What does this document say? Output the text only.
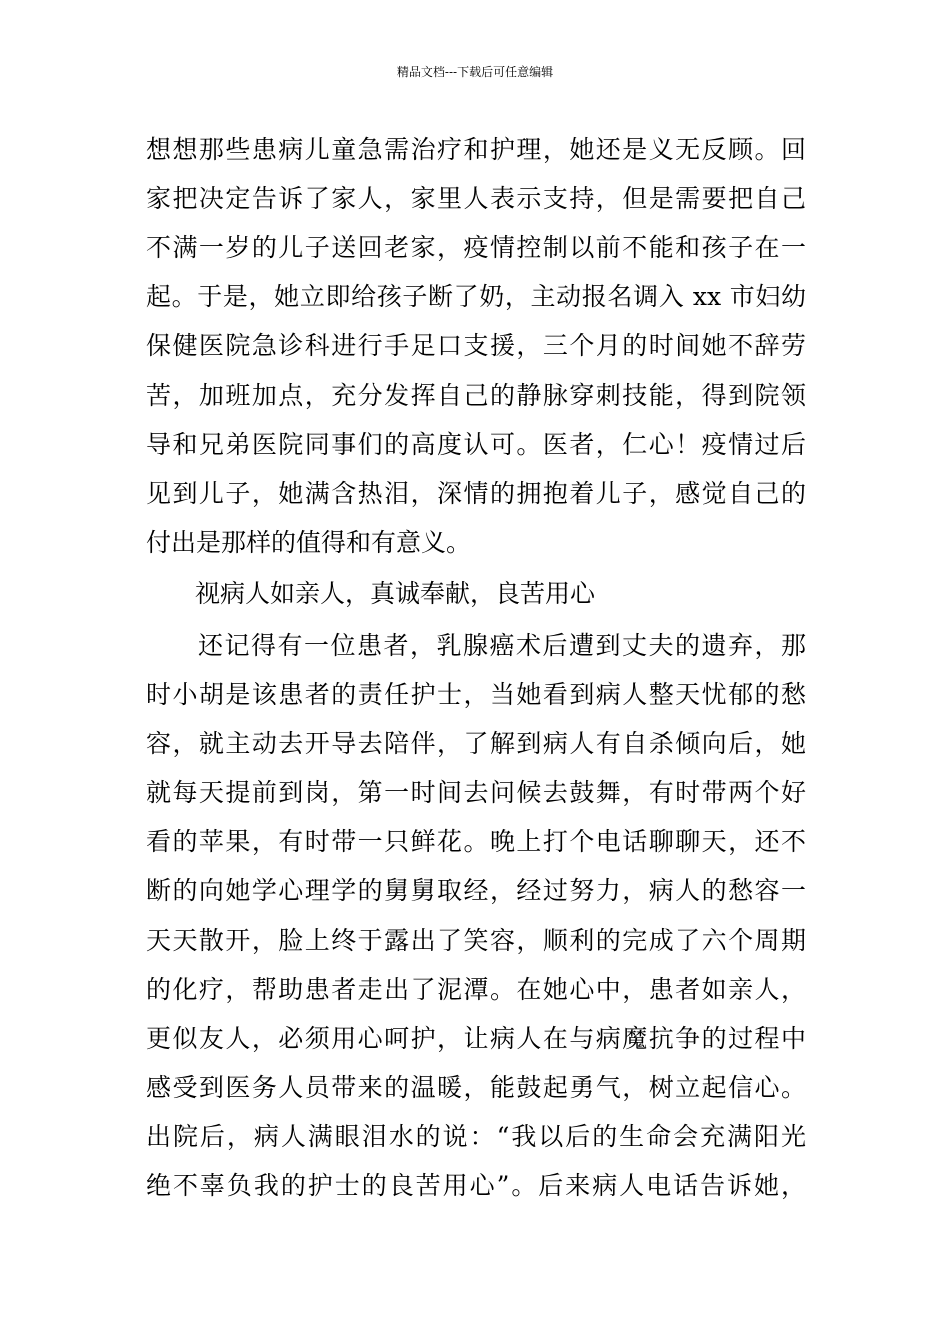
精品文档---下载后可任意编辑
想想那些患病儿童急需治疗和护理，她还是义无反顾。回
家把决定告诉了家人，家里人表示支持，但是需要把自己
不满一岁的儿子送回老家，疫情控制以前不能和孩子在一
起。于是，她立即给孩子断了奶，主动报名调入 xx 市妇幼
保健医院急诊科进行手足口支援，三个月的时间她不辞劳
苦，加班加点，充分发挥自己的静脉穿刺技能，得到院领
导和兄弟医院同事们的高度认可。医者，仁心！疫情过后
见到儿子，她满含热泪，深情的拥抱着儿子，感觉自己的
付出是那样的值得和有意义。
视病人如亲人，真诚奉献，良苦用心
还记得有一位患者，乳腺癌术后遭到丈夫的遗弃，那
时小胡是该患者的责任护士，当她看到病人整天忧郁的愁
容，就主动去开导去陪伴，了解到病人有自杀倾向后，她
就每天提前到岗，第一时间去问候去鼓舞，有时带两个好
看的苹果，有时带一只鲜花。晚上打个电话聊聊天，还不
断的向她学心理学的舅舅取经，经过努力，病人的愁容一
天天散开，脸上终于露出了笑容，顺利的完成了六个周期
的化疗，帮助患者走出了泥潭。在她心中，患者如亲人，
更似友人，必须用心呵护，让病人在与病魔抗争的过程中
感受到医务人员带来的温暖，能鼓起勇气，树立起信心。
出院后，病人满眼泪水的说：“我以后的生命会充满阳光
绝不辜负我的护士的良苦用心”。后来病人电话告诉她，
